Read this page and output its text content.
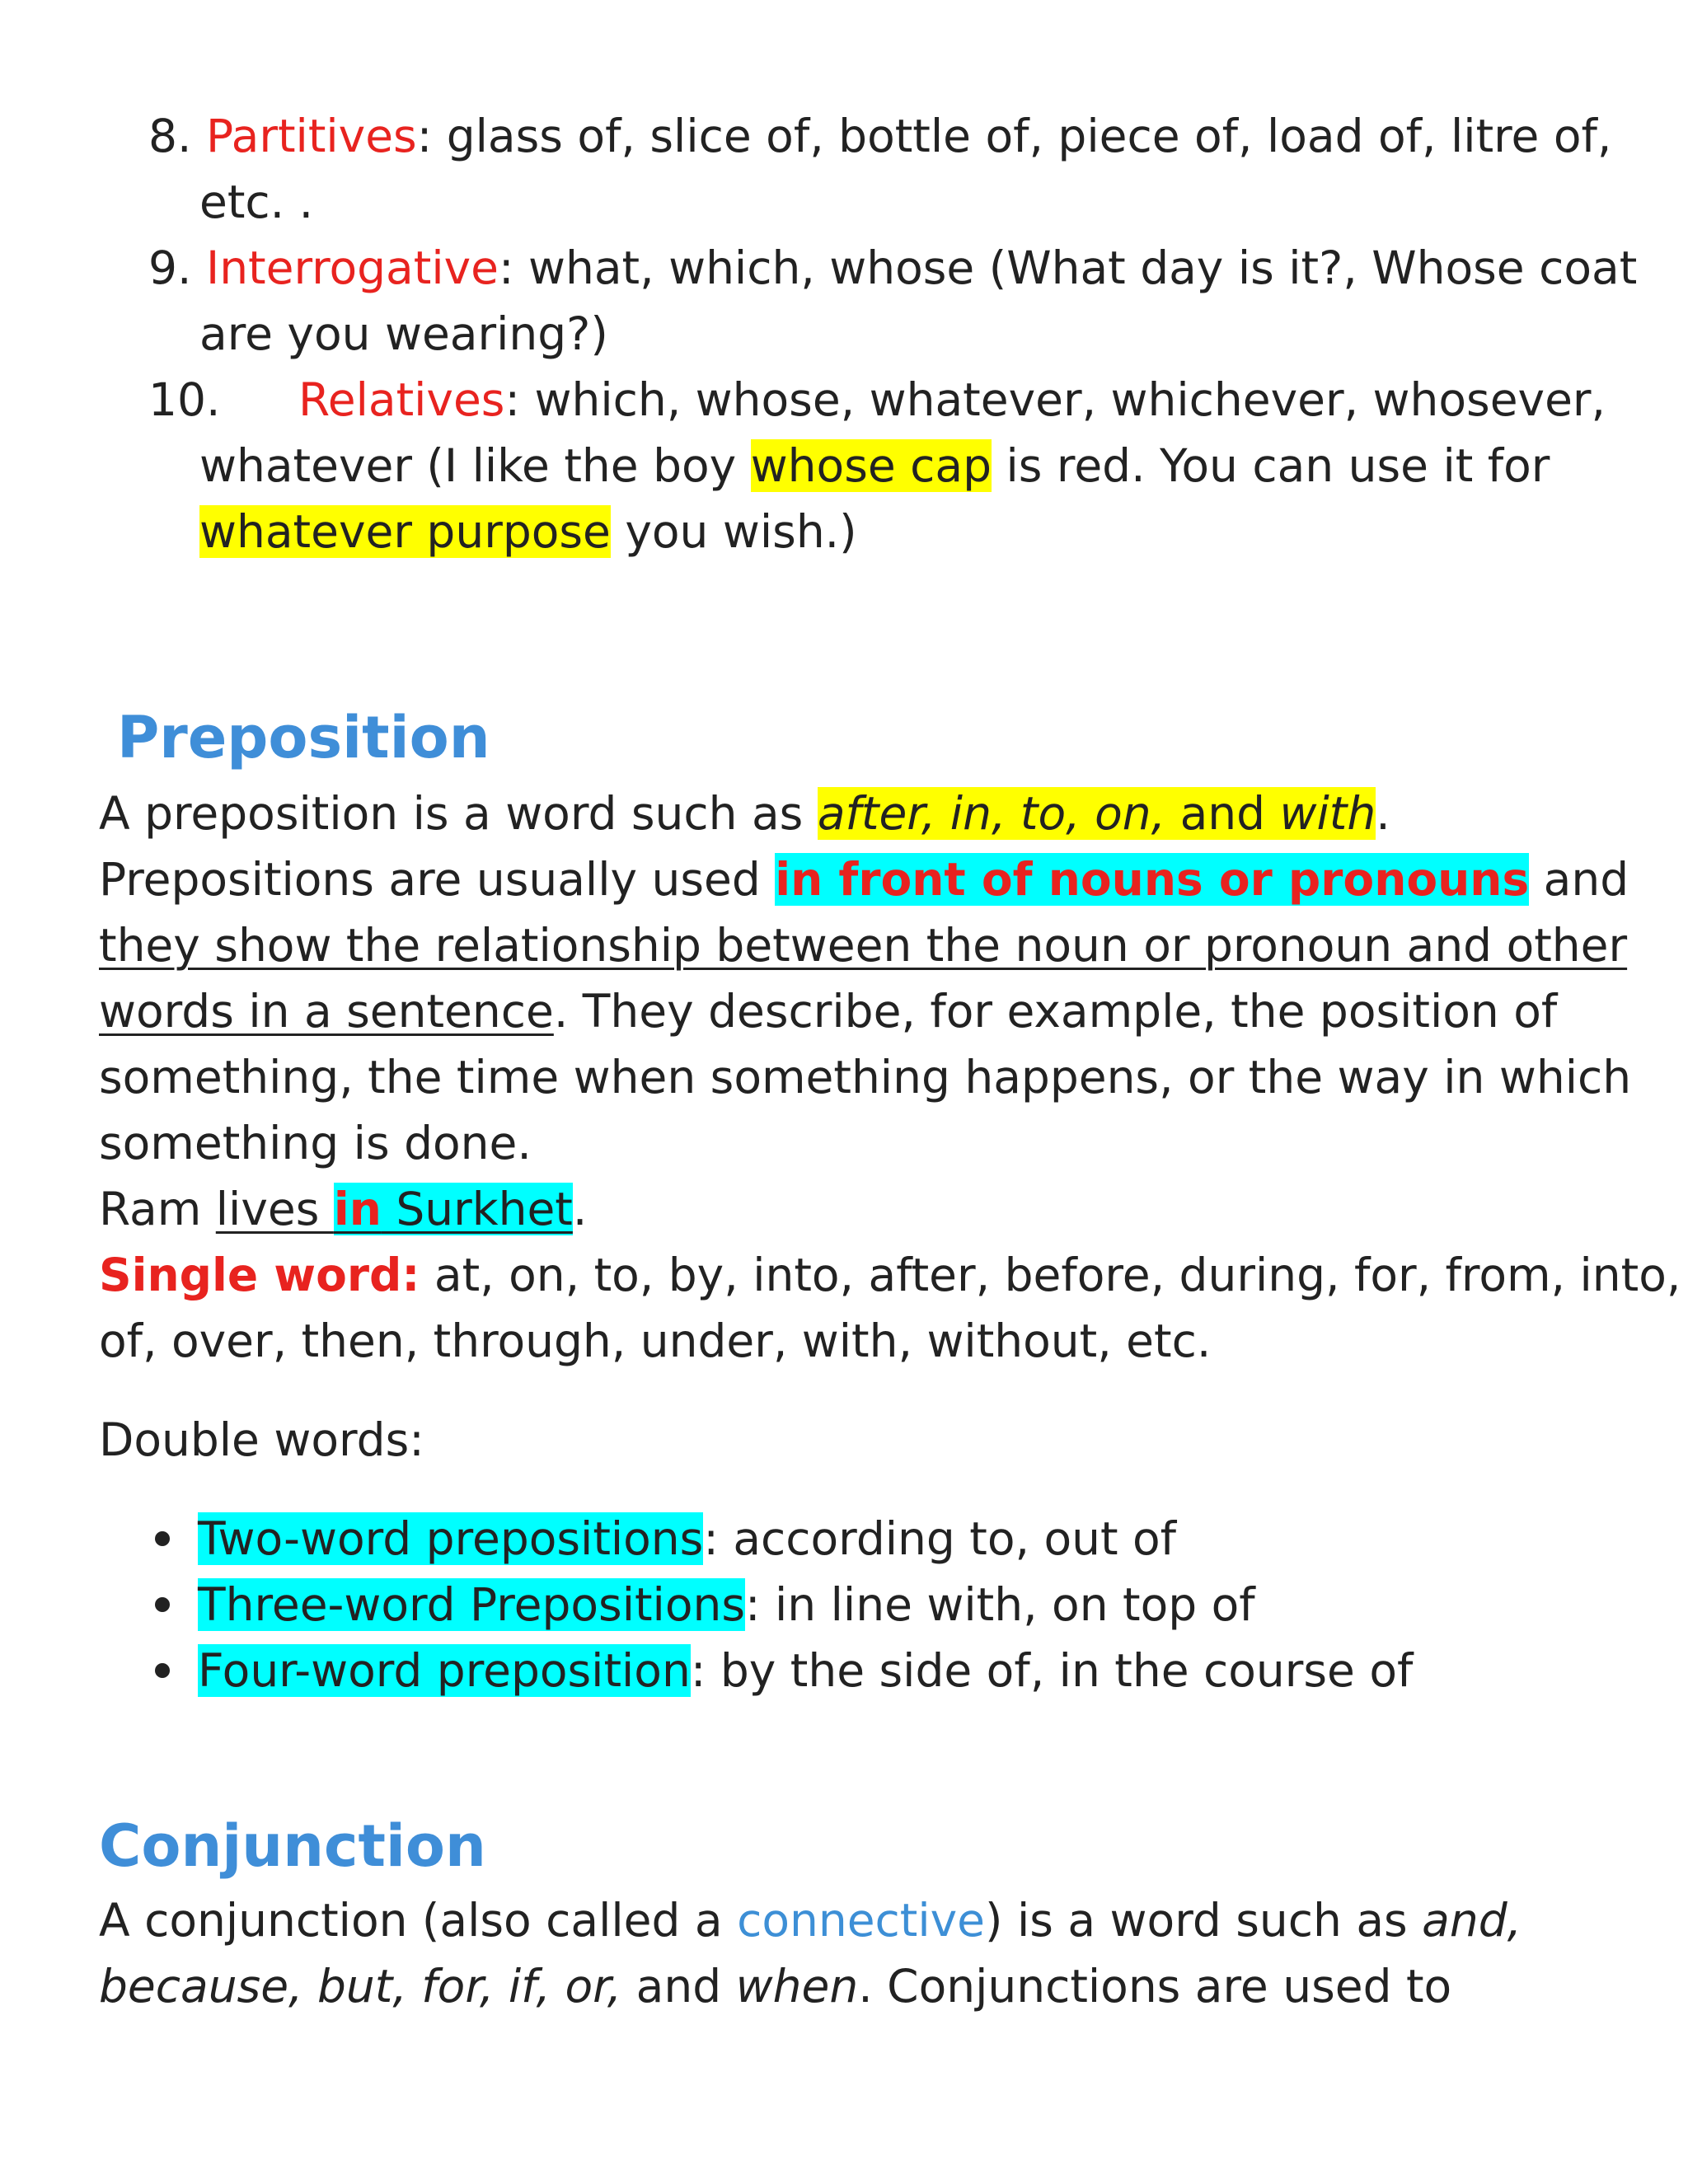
8. Partitives: glass of, slice of, bottle of, piece of, load of, litre of,
etc. .
9. Interrogative: what, which, whose (What day is it?, Whose coat
are you wearing?)
10. Relatives: which, whose, whatever, whichever, whosever,
whatever (I like the boy whose cap is red. You can use it for
whatever purpose you wish.)
Preposition
A preposition is a word such as after, in, to, on, and with.
Prepositions are usually used in front of nouns or pronouns and
they show the relationship between the noun or pronoun and other
words in a sentence. They describe, for example, the position of
something, the time when something happens, or the way in which
something is done.
Ram lives in Surkhet.
Single word: at, on, to, by, into, after, before, during, for, from, into,
of, over, then, through, under, with, without, etc.
Double words:
Two-word prepositions: according to, out of
Three-word Prepositions: in line with, on top of
Four-word preposition: by the side of, in the course of
Conjunction
A conjunction (also called a connective) is a word such as and,
because, but, for, if, or, and when. Conjunctions are used to
